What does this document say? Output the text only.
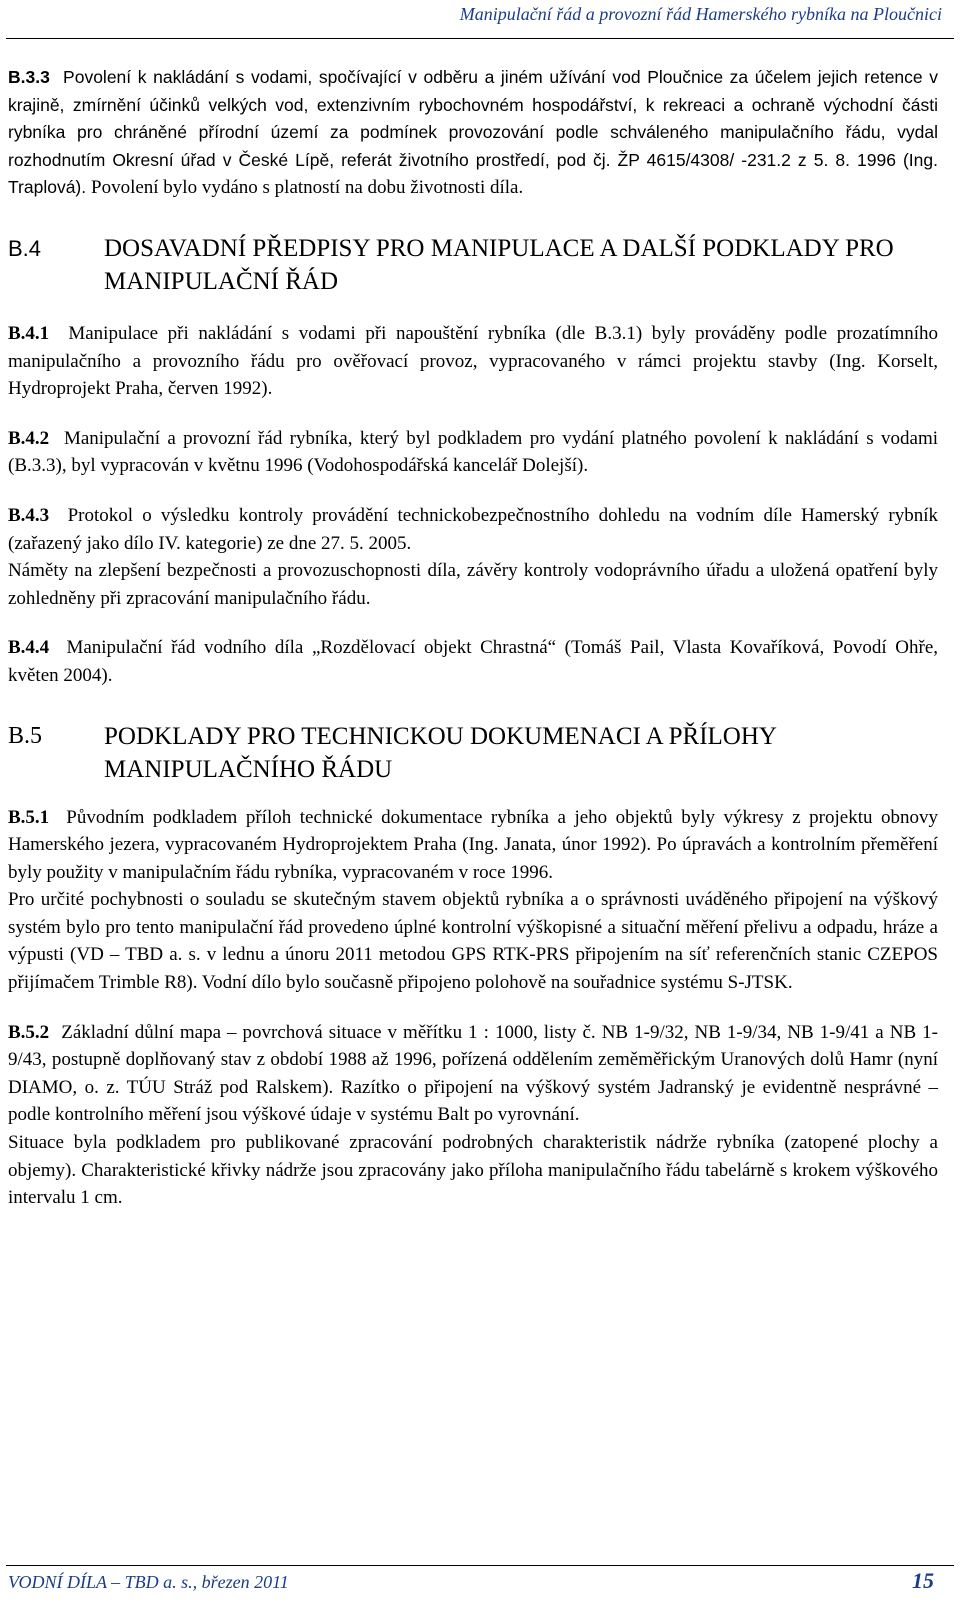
Manipulační řád a provozní řád Hamerského rybníka na Ploučnici

B.3.3 Povolení k nakládání s vodami, spočívající v odběru a jiném užívání vod Ploučnice za účelem jejich retence v krajině, zmírnění účinků velkých vod, extenzivním rybochovném hospodářství, k rekreaci a ochraně východní části rybníka pro chráněné přírodní území za podmínek provozování podle schváleného manipulačního řádu, vydal rozhodnutím Okresní úřad v České Lípě, referát životního prostředí, pod čj. ŽP 4615/4308/ -231.2 z 5. 8. 1996 (Ing. Traplová). Povolení bylo vydáno s platností na dobu životnosti díla.

B.4	DOSAVADNÍ PŘEDPISY PRO MANIPULACE A DALŠÍ PODKLADY PRO MANIPULAČNÍ ŘÁD

B.4.1 Manipulace při nakládání s vodami při napouštění rybníka (dle B.3.1) byly prováděny podle prozatímního manipulačního a provozního řádu pro ověřovací provoz, vypracovaného v rámci projektu stavby (Ing. Korselt, Hydroprojekt Praha, červen 1992).

B.4.2 Manipulační a provozní řád rybníka, který byl podkladem pro vydání platného povolení k nakládání s vodami (B.3.3), byl vypracován v květnu 1996 (Vodohospodářská kancelář Dolejší).

B.4.3 Protokol o výsledku kontroly provádění technickobezpečnostního dohledu na vodním díle Hamerský rybník (zařazený jako dílo IV. kategorie) ze dne 27. 5. 2005.

Náměty na zlepšení bezpečnosti a provozuschopnosti díla, závěry kontroly vodoprávního úřadu a uložená opatření byly zohledněny při zpracování manipulačního řádu.

B.4.4 Manipulační řád vodního díla „Rozdělovací objekt Chrastná“ (Tomáš Pail, Vlasta Kovaříková, Povodí Ohře, květen 2004).

B.5	PODKLADY PRO TECHNICKOU DOKUMENACI A PŘÍLOHY MANIPULAČNÍHO ŘÁDU

B.5.1 Původním podkladem příloh technické dokumentace rybníka a jeho objektů byly výkresy z projektu obnovy Hamerského jezera, vypracovaném Hydroprojektem Praha (Ing. Janata, únor 1992). Po úpravách a kontrolním přeměření byly použity v manipulačním řádu rybníka, vypracovaném v roce 1996.

Pro určité pochybnosti o souladu se skutečným stavem objektů rybníka a o správnosti uváděného připojení na výškový systém bylo pro tento manipulační řád provedeno úplné kontrolní výškopisné a situační měření přelivu a odpadu, hráze a výpusti (VD – TBD a. s. v lednu a únoru 2011 metodou GPS RTK-PRS připojením na síť referenčních stanic CZEPOS přijímačem Trimble R8). Vodní dílo bylo současně připojeno polohově na souřadnice systému S-JTSK.

B.5.2 Základní důlní mapa – povrchová situace v měřítku 1 : 1000, listy č. NB 1-9/32, NB 1-9/34, NB 1-9/41 a NB 1-9/43, postupně doplňovaný stav z období 1988 až 1996, pořízená oddělením zeměměřickým Uranových dolů Hamr (nyní DIAMO, o. z. TÚU Stráž pod Ralskem). Razítko o připojení na výškový systém Jadranský je evidentně nesprávné – podle kontrolního měření jsou výškové údaje v systému Balt po vyrovnání.

Situace byla podkladem pro publikované zpracování podrobných charakteristik nádrže rybníka (zatopené plochy a objemy). Charakteristické křivky nádrže jsou zpracovány jako příloha manipulačního řádu tabelárně s krokem výškového intervalu 1 cm.

VODNÍ DÍLA – TBD a. s., březen 2011	15
